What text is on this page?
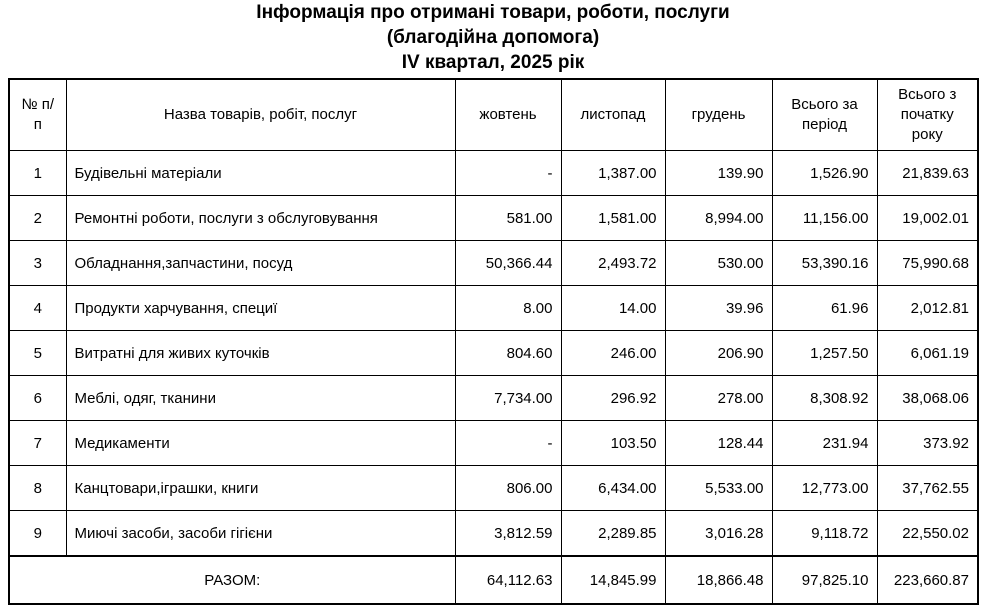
Інформація про отримані товари, роботи, послуги

(благодійна допомога)

IV квартал, 2025 рік

№ п/п	Назва товарів, робіт, послуг	жовтень	листопад	грудень	Всього за період	Всього з початку року
1	Будівельні матеріали	-	1,387.00	139.90	1,526.90	21,839.63
2	Ремонтні роботи, послуги з обслуговування	581.00	1,581.00	8,994.00	11,156.00	19,002.01
3	Обладнання,запчастини, посуд	50,366.44	2,493.72	530.00	53,390.16	75,990.68
4	Продукти харчування, специї	8.00	14.00	39.96	61.96	2,012.81
5	Витратні для живих куточків	804.60	246.00	206.90	1,257.50	6,061.19
6	Меблі, одяг, тканини	7,734.00	296.92	278.00	8,308.92	38,068.06
7	Медикаменти	-	103.50	128.44	231.94	373.92
8	Канцтовари,іграшки, книги	806.00	6,434.00	5,533.00	12,773.00	37,762.55
9	Миючі засоби, засоби гігієни	3,812.59	2,289.85	3,016.28	9,118.72	22,550.02
РАЗОМ:		64,112.63	14,845.99	18,866.48	97,825.10	223,660.87
